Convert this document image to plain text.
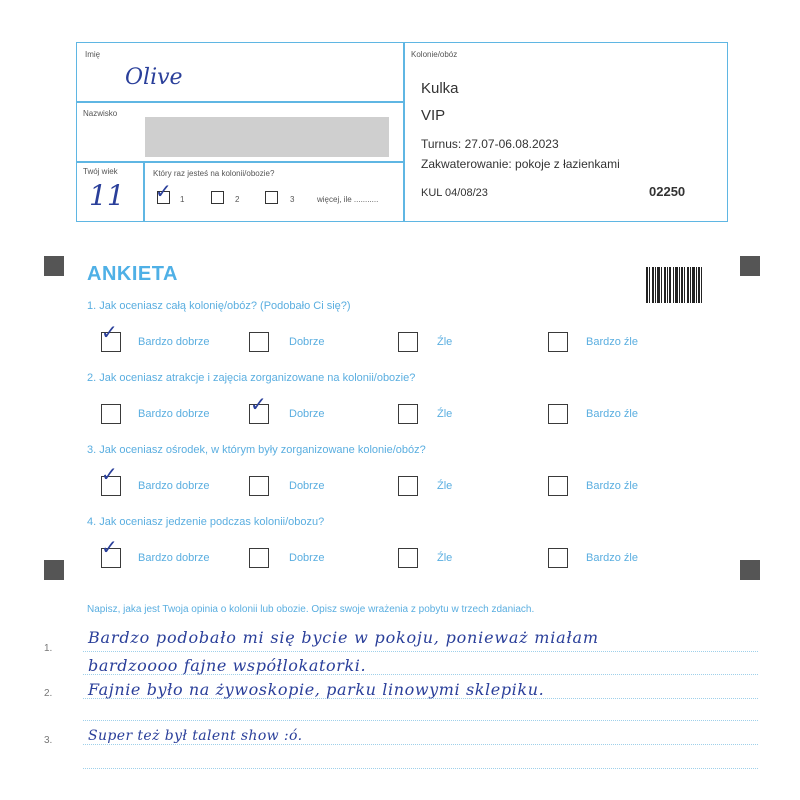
Imię
Olive
Nazwisko
Twój wiek
11
Który raz jesteś na kolonii/obozie?
✓ 1	2	3	więcej, ile ...........
Kolonie/obóz
Kulka
VIP
Turnus: 27.07-06.08.2023
Zakwaterowanie: pokoje z łazienkami
KUL 04/08/23	02250
ANKIETA
1. Jak oceniasz całą kolonię/obóz? (Podobało Ci się?)
✓ Bardzo dobrze	Dobrze	Źle	Bardzo źle
2. Jak oceniasz atrakcje i zajęcia zorganizowane na kolonii/obozie?
Bardzo dobrze ✓ Dobrze	Źle	Bardzo źle
3. Jak oceniasz ośrodek, w którym były zorganizowane kolonie/obóz?
✓ Bardzo dobrze	Dobrze	Źle	Bardzo źle
4. Jak oceniasz jedzenie podczas kolonii/obozu?
✓ Bardzo dobrze	Dobrze	Źle	Bardzo źle
Napisz, jaka jest Twoja opinia o kolonii lub obozie. Opisz swoje wrażenia z pobytu w trzech zdaniach.
1.
2.
3.
Bardzo podobało mi się bycie w pokoju, ponieważ miałam
bardzoooo fajne współlokatorki.
Fajnie było na żywoskopie, parku linowymi sklepiku.
Super też był talent show :ó.
